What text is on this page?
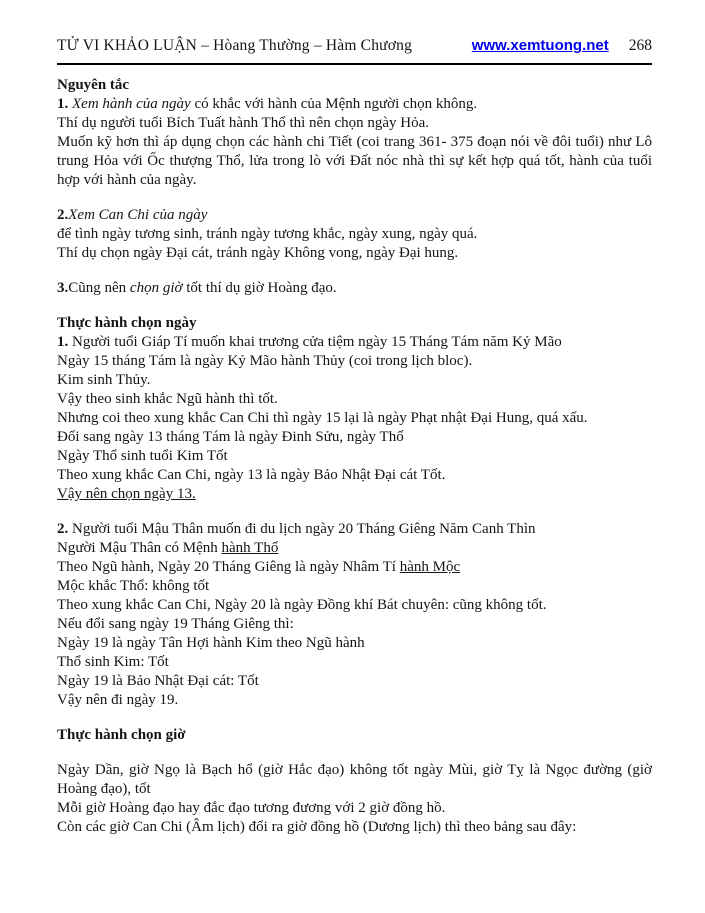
TỬ VI KHẢO LUẬN – Hòang Thường – Hàm Chương	www.xemtuong.net 268

Nguyên tắc

1. Xem hành của ngày có khắc với hành của Mệnh người chọn không.

Thí dụ người tuổi Bích Tuất hành Thổ thì nên chọn ngày Hỏa.

Muốn kỹ hơn thì áp dụng chọn các hành chi Tiết (coi trang 361- 375 đoạn nói về đôi tuổi) như Lô trung Hỏa với Ốc thượng Thổ, lửa trong lò với Đất nóc nhà thì sự kết hợp quá tốt, hành của tuổi hợp với hành của ngày.

2.Xem Can Chi của ngày

để tình ngày tương sinh, tránh ngày tương khắc, ngày xung, ngày quá.

Thí dụ chọn ngày Đại cát, tránh ngày Không vong, ngày Đại hung.

3.Cũng nên chọn giờ tốt thí dụ giờ Hoàng đạo.

Thực hành chọn ngày

1. Người tuổi Giáp Tí muốn khai trương cửa tiệm ngày 15 Tháng Tám năm Kỷ Mão

Ngày 15 tháng Tám là ngày Kỷ Mão hành Thủy (coi trong lịch bloc).

Kim sinh Thủy.

Vậy theo sinh khắc Ngũ hành thì tốt.

Nhưng coi theo xung khắc Can Chi thì ngày 15 lại là ngày Phạt nhật Đại Hung, quá xấu.

Đổi sang ngày 13 tháng Tám là ngày Đinh Sửu, ngày Thổ

Ngày Thổ sinh tuổi Kim Tốt

Theo xung khắc Can Chi, ngày 13 là ngày Bảo Nhật Đại cát Tốt.

Vậy nên chọn ngày 13.

2. Người tuổi Mậu Thân muốn đi du lịch ngày 20 Tháng Giêng Năm Canh Thìn

Người Mậu Thân có Mệnh hành Thổ

Theo Ngũ hành, Ngày 20 Tháng Giêng là ngày Nhâm Tí hành Mộc

Mộc khắc Thổ: không tốt

Theo xung khắc Can Chi, Ngày 20 là ngày Đồng khí Bát chuyên: cũng không tốt.

Nếu đổi sang ngày 19 Tháng Giêng thì:

Ngày 19 là ngày Tân Hợi hành Kim theo Ngũ hành

Thổ sinh Kim: Tốt

Ngày 19 là Bảo Nhật Đại cát: Tốt

Vậy nên đi ngày 19.

Thực hành chọn giờ

Ngày Dần, giờ Ngọ là Bạch hổ (giờ Hắc đạo) không tốt ngày Mùi, giờ Tỵ là Ngọc đường (giờ Hoàng đạo), tốt

Mỗi giờ Hoàng đạo hay đắc đạo tương đương với 2 giờ đồng hồ.

Còn các giờ Can Chi (Âm lịch) đổi ra giờ đồng hồ (Dương lịch) thì theo bảng sau đây:
